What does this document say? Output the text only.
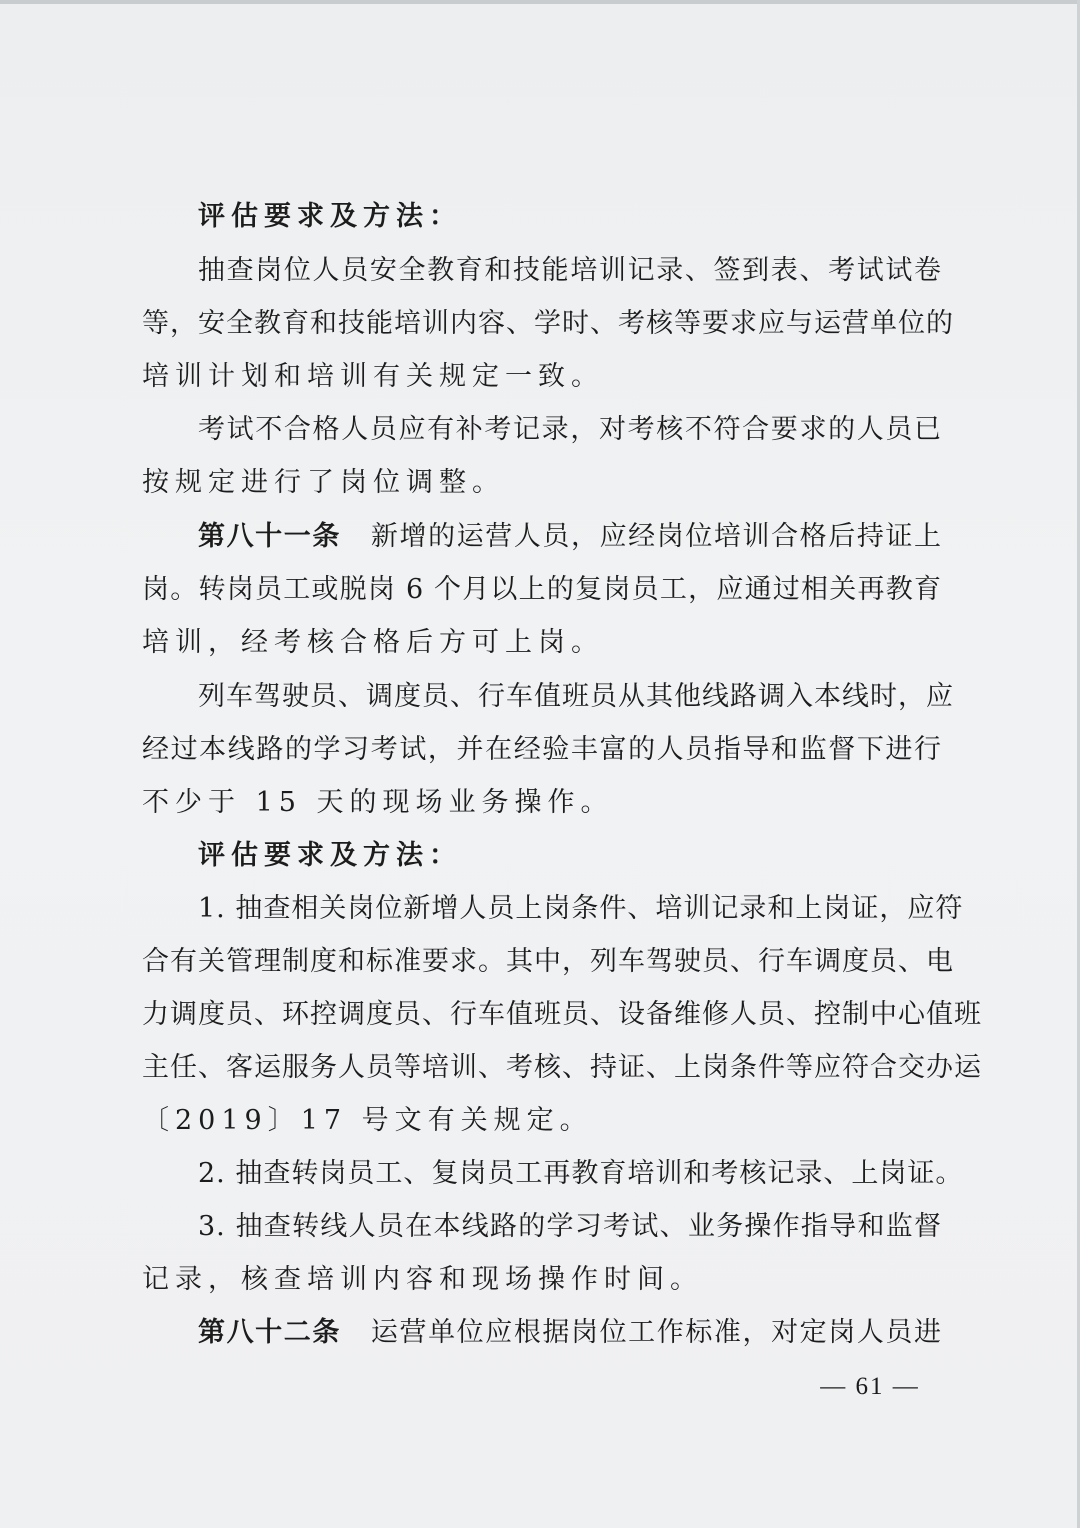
评估要求及方法：

抽查岗位人员安全教育和技能培训记录、签到表、考试试卷

等，安全教育和技能培训内容、学时、考核等要求应与运营单位的

培训计划和培训有关规定一致。

考试不合格人员应有补考记录，对考核不符合要求的人员已

按规定进行了岗位调整。

第八十一条 新增的运营人员，应经岗位培训合格后持证上

岗。转岗员工或脱岗 6 个月以上的复岗员工，应通过相关再教育

培训，经考核合格后方可上岗。

列车驾驶员、调度员、行车值班员从其他线路调入本线时，应

经过本线路的学习考试，并在经验丰富的人员指导和监督下进行

不少于 15 天的现场业务操作。

评估要求及方法：

1. 抽查相关岗位新增人员上岗条件、培训记录和上岗证，应符

合有关管理制度和标准要求。其中，列车驾驶员、行车调度员、电

力调度员、环控调度员、行车值班员、设备维修人员、控制中心值班

主任、客运服务人员等培训、考核、持证、上岗条件等应符合交办运

〔2019〕17 号文有关规定。

2. 抽查转岗员工、复岗员工再教育培训和考核记录、上岗证。

3. 抽查转线人员在本线路的学习考试、业务操作指导和监督

记录，核查培训内容和现场操作时间。

第八十二条 运营单位应根据岗位工作标准，对定岗人员进

— 61 —
